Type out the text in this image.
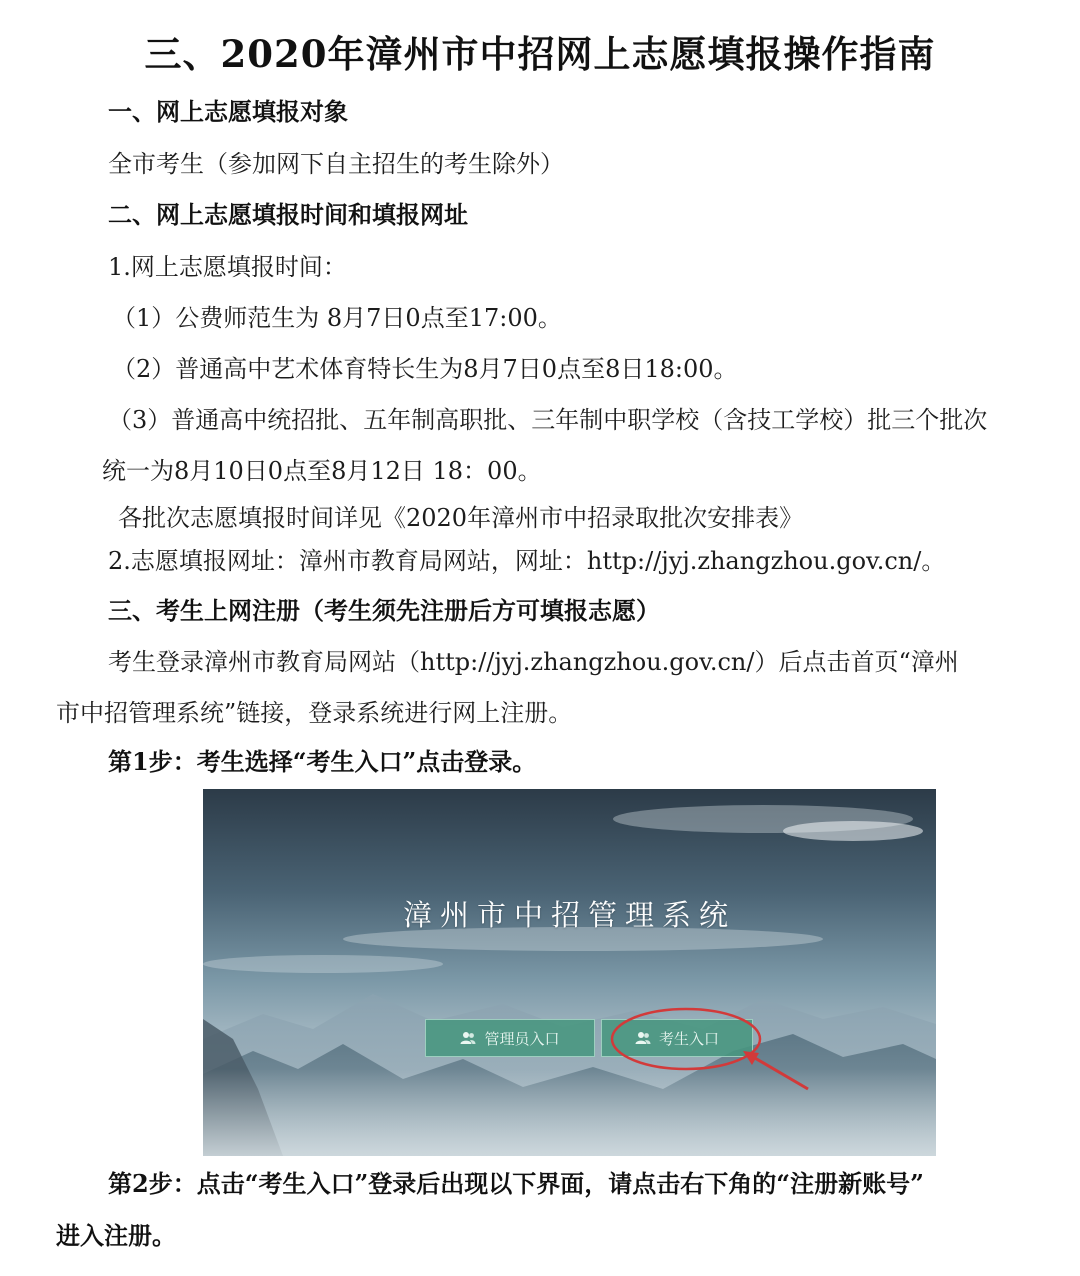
三、2020年漳州市中招网上志愿填报操作指南
一、网上志愿填报对象
全市考生（参加网下自主招生的考生除外）
二、网上志愿填报时间和填报网址
1.网上志愿填报时间：
（1）公费师范生为 8月7日0点至17:00。
（2）普通高中艺术体育特长生为8月7日0点至8日18:00。
（3）普通高中统招批、五年制高职批、三年制中职学校（含技工学校）批三个批次
统一为8月10日0点至8月12日 18：00。
各批次志愿填报时间详见《2020年漳州市中招录取批次安排表》
2.志愿填报网址：漳州市教育局网站，网址：http://jyj.zhangzhou.gov.cn/。
三、考生上网注册（考生须先注册后方可填报志愿）
考生登录漳州市教育局网站（http://jyj.zhangzhou.gov.cn/）后点击首页“漳州
市中招管理系统”链接，登录系统进行网上注册。
第1步：考生选择“考生入口”点击登录。
漳州市中招管理系统
管理员入口	考生入口
第2步：点击“考生入口”登录后出现以下界面，请点击右下角的“注册新账号”
进入注册。
